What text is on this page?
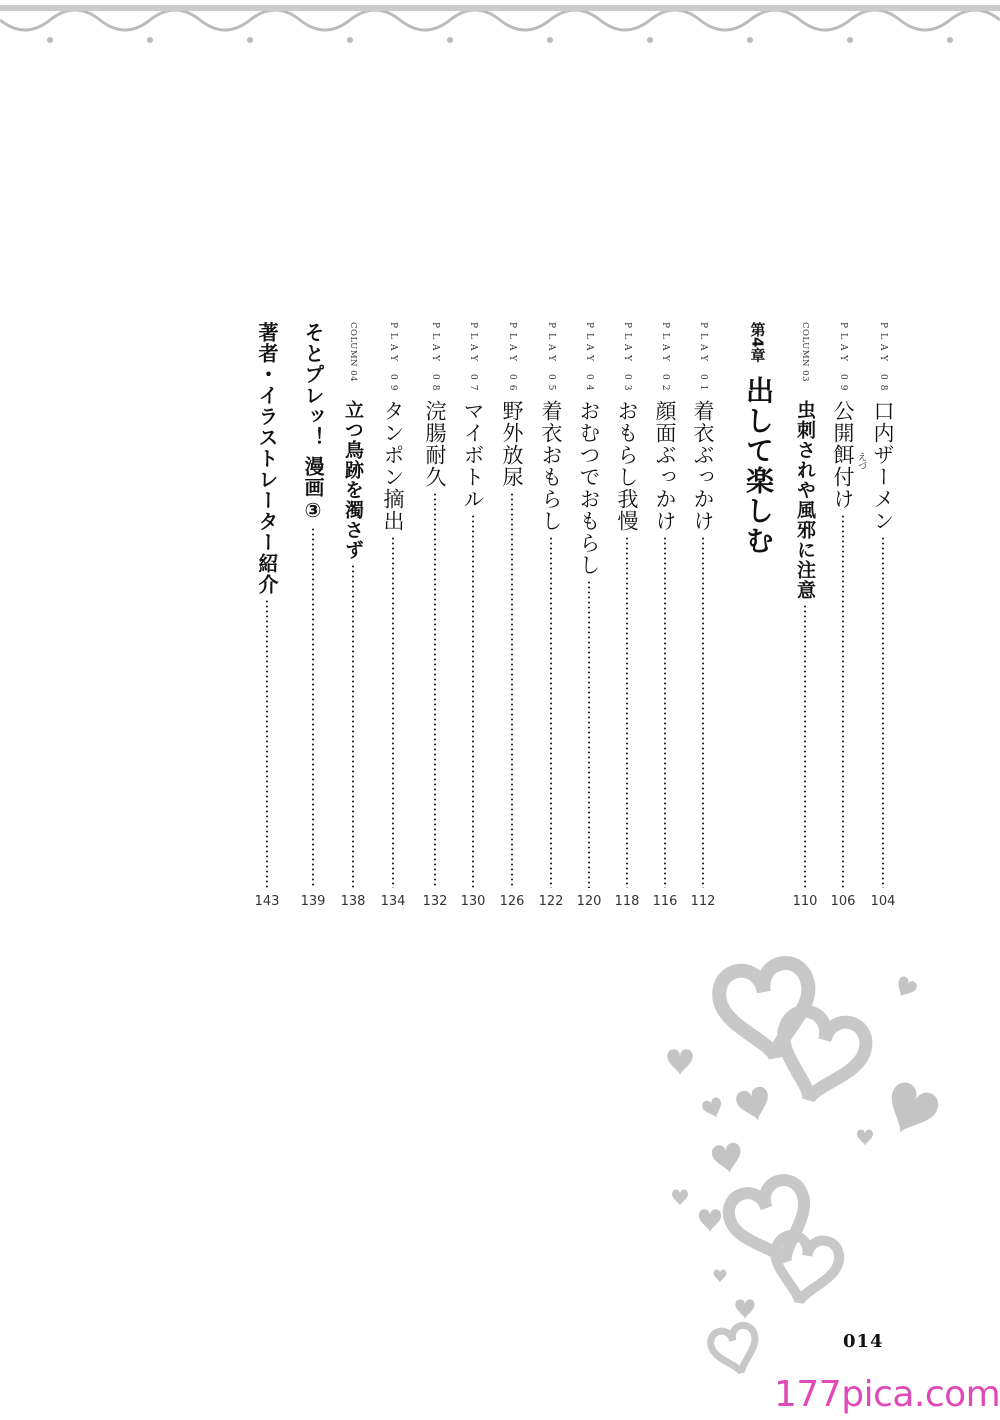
PLAY 08
口内ザーメン
104
PLAY 09
公開餌付け えづ
106
COLUMN 03
虫刺されや風邪に注意
110
第4章
出して楽しむ
PLAY 01
着衣ぶっかけ
112
PLAY 02
顔面ぶっかけ
116
PLAY 03
おもらし我慢
118
PLAY 04
おむつでおもらし
120
PLAY 05
着衣おもらし
122
PLAY 06
野外放尿
126
PLAY 07
マイボトル
130
PLAY 08
浣腸耐久
132
PLAY 09
タンポン摘出
134
COLUMN 04
立つ鳥跡を濁さず
138
そとプレッ！ 漫画③
139
著者・イラストレーター紹介
143
014
177pica.com
